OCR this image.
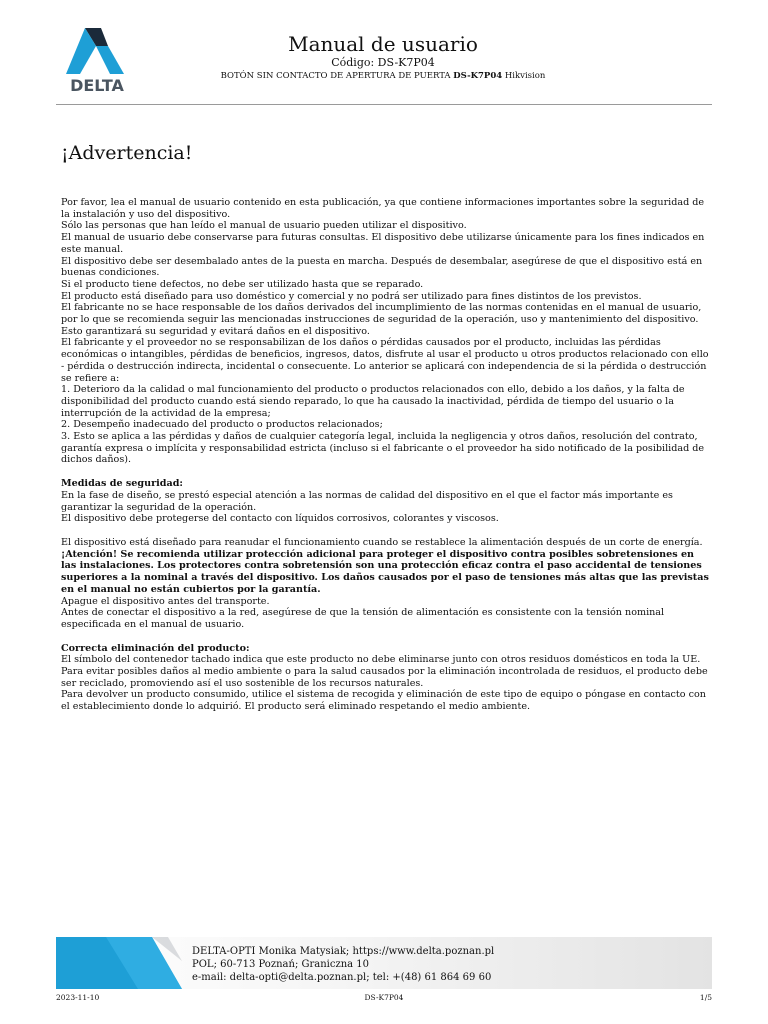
DELTA
Manual de usuario
Código: DS-K7P04
BOTÓN SIN CONTACTO DE APERTURA DE PUERTA DS-K7P04 Hikvision
¡Advertencia!

Por favor, lea el manual de usuario contenido en esta publicación, ya que contiene informaciones importantes sobre la seguridad de la instalación y uso del dispositivo.

Sólo las personas que han leído el manual de usuario pueden utilizar el dispositivo.

El manual de usuario debe conservarse para futuras consultas. El dispositivo debe utilizarse únicamente para los fines indicados en este manual.

El dispositivo debe ser desembalado antes de la puesta en marcha. Después de desembalar, asegúrese de que el dispositivo está en buenas condiciones.

Si el producto tiene defectos, no debe ser utilizado hasta que se reparado.

El producto está diseñado para uso doméstico y comercial y no podrá ser utilizado para fines distintos de los previstos.

El fabricante no se hace responsable de los daños derivados del incumplimiento de las normas contenidas en el manual de usuario, por lo que se recomienda seguir las mencionadas instrucciones de seguridad de la operación, uso y mantenimiento del dispositivo.

Esto garantizará su seguridad y evitará daños en el dispositivo.

El fabricante y el proveedor no se responsabilizan de los daños o pérdidas causados por el producto, incluidas las pérdidas económicas o intangibles, pérdidas de beneficios, ingresos, datos, disfrute al usar el producto u otros productos relacionado con ello - pérdida o destrucción indirecta, incidental o consecuente. Lo anterior se aplicará con independencia de si la pérdida o destrucción se refiere a:

1. Deterioro da la calidad o mal funcionamiento del producto o productos relacionados con ello, debido a los daños, y la falta de disponibilidad del producto cuando está siendo reparado, lo que ha causado la inactividad, pérdida de tiempo del usuario o la interrupción de la actividad de la empresa;

2. Desempeño inadecuado del producto o productos relacionados;

3. Esto se aplica a las pérdidas y daños de cualquier categoría legal, incluida la negligencia y otros daños, resolución del contrato, garantía expresa o implícita y responsabilidad estricta (incluso si el fabricante o el proveedor ha sido notificado de la posibilidad de dichos daños).

Medidas de seguridad:

En la fase de diseño, se prestó especial atención a las normas de calidad del dispositivo en el que el factor más importante es garantizar la seguridad de la operación.

El dispositivo debe protegerse del contacto con líquidos corrosivos, colorantes y viscosos.

El dispositivo está diseñado para reanudar el funcionamiento cuando se restablece la alimentación después de un corte de energía.

¡Atención! Se recomienda utilizar protección adicional para proteger el dispositivo contra posibles sobretensiones en las instalaciones. Los protectores contra sobretensión son una protección eficaz contra el paso accidental de tensiones superiores a la nominal a través del dispositivo. Los daños causados por el paso de tensiones más altas que las previstas en el manual no están cubiertos por la garantía.

Apague el dispositivo antes del transporte.

Antes de conectar el dispositivo a la red, asegúrese de que la tensión de alimentación es consistente con la tensión nominal especificada en el manual de usuario.

Correcta eliminación del producto:

El símbolo del contenedor tachado indica que este producto no debe eliminarse junto con otros residuos domésticos en toda la UE.

Para evitar posibles daños al medio ambiente o para la salud causados por la eliminación incontrolada de residuos, el producto debe ser reciclado, promoviendo así el uso sostenible de los recursos naturales.

Para devolver un producto consumido, utilice el sistema de recogida y eliminación de este tipo de equipo o póngase en contacto con el establecimiento donde lo adquirió. El producto será eliminado respetando el medio ambiente.

DELTA-OPTI Monika Matysiak; https://www.delta.poznan.pl
POL; 60-713 Poznań; Graniczna 10
e-mail: delta-opti@delta.poznan.pl; tel: +(48) 61 864 69 60
2023-11-10	DS-K7P04	1/5
